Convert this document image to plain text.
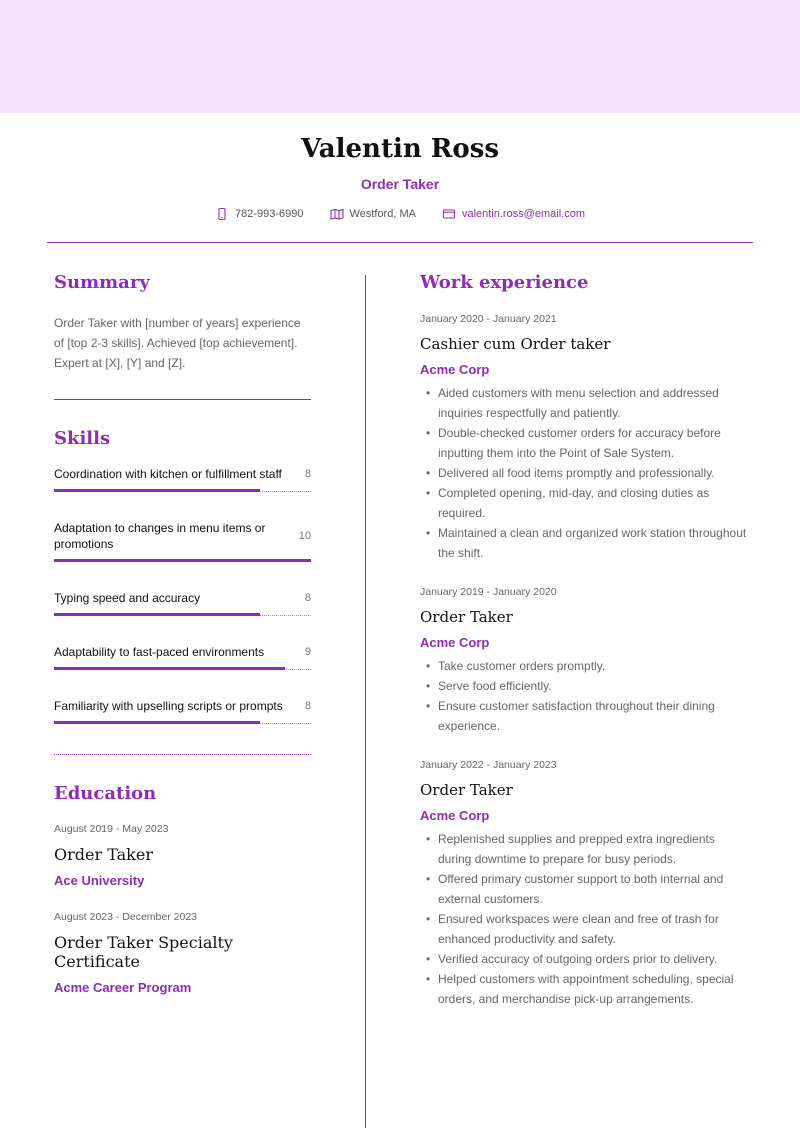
Valentin Ross
Order Taker
782-993-6990	Westford, MA	valentin.ross@email.com
Summary

Order Taker with [number of years] experience of [top 2-3 skills]. Achieved [top achievement]. Expert at [X], [Y] and [Z].

Skills
Coordination with kitchen or fulfillment staff 8
Adaptation to changes in menu items or promotions
10
Typing speed and accuracy	8
Adaptability to fast-paced environments	9
Familiarity with upselling scripts or prompts 8
Education
August 2019 - May 2023
Order Taker
Ace University
August 2023 - December 2023
Order Taker Specialty Certificate
Acme Career Program
Work experience
January 2020 - January 2021
Cashier cum Order taker
Acme Corp
• Aided customers with menu selection and addressed inquiries respectfully and patiently.
• Double-checked customer orders for accuracy before inputting them into the Point of Sale System.
• Delivered all food items promptly and professionally.
• Completed opening, mid-day, and closing duties as required.
• Maintained a clean and organized work station throughout the shift.
January 2019 - January 2020
Order Taker
Acme Corp
• Take customer orders promptly.
• Serve food efficiently.
• Ensure customer satisfaction throughout their dining experience.
January 2022 - January 2023
Order Taker
Acme Corp
• Replenished supplies and prepped extra ingredients during downtime to prepare for busy periods.
• Offered primary customer support to both internal and external customers.
• Ensured workspaces were clean and free of trash for enhanced productivity and safety.
• Verified accuracy of outgoing orders prior to delivery.
• Helped customers with appointment scheduling, special orders, and merchandise pick-up arrangements.
